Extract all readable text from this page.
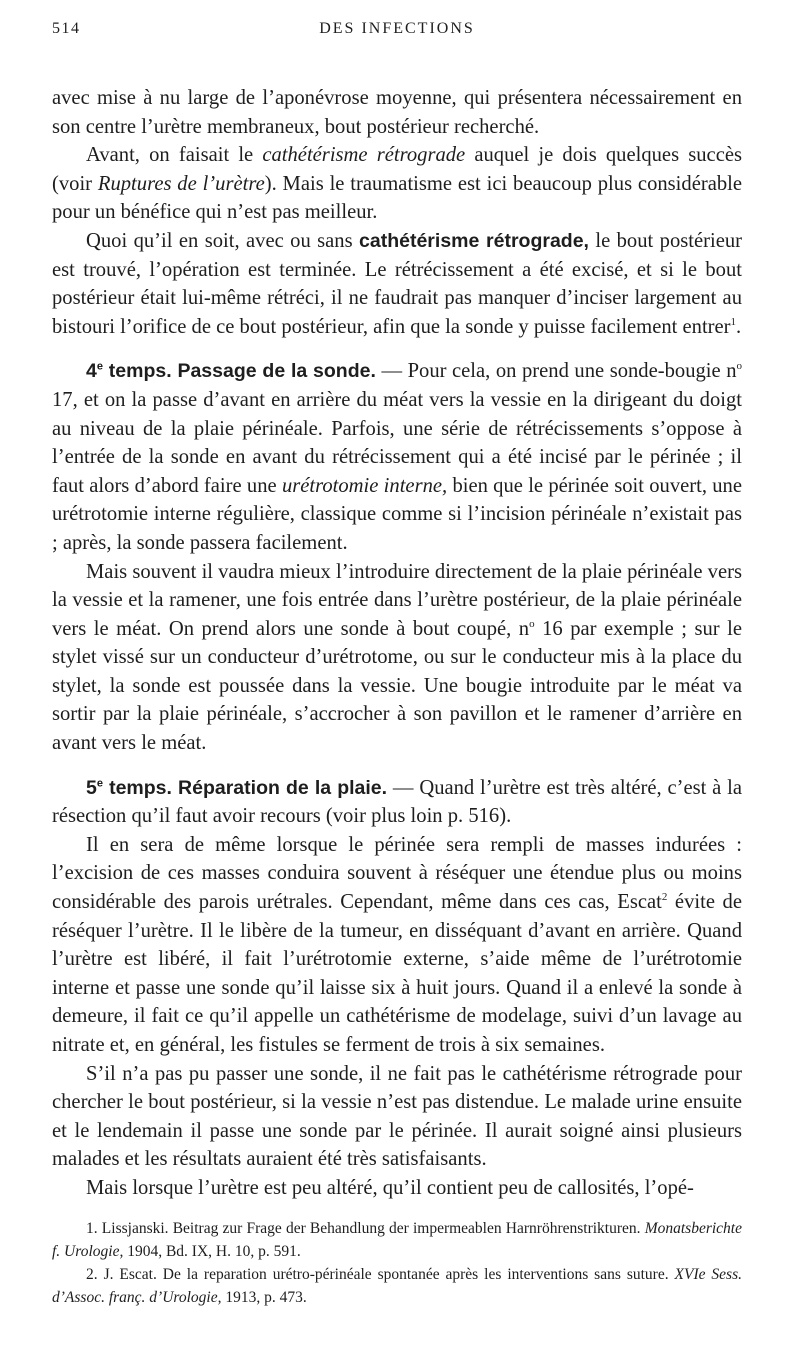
514	DES INFECTIONS

avec mise à nu large de l’aponévrose moyenne, qui présentera nécessairement en son centre l’urètre membraneux, bout postérieur recherché.

Avant, on faisait le cathétérisme rétrograde auquel je dois quelques succès (voir Ruptures de l’urètre). Mais le traumatisme est ici beaucoup plus considérable pour un bénéfice qui n’est pas meilleur.

Quoi qu’il en soit, avec ou sans cathétérisme rétrograde, le bout postérieur est trouvé, l’opération est terminée. Le rétrécissement a été excisé, et si le bout postérieur était lui-même rétréci, il ne faudrait pas manquer d’inciser largement au bistouri l’orifice de ce bout postérieur, afin que la sonde y puisse facilement entrer$^1$.

4e temps. Passage de la sonde. — Pour cela, on prend une sonde-bougie $n^o$ 17, et on la passe d’avant en arrière du méat vers la vessie en la dirigeant du doigt au niveau de la plaie périnéale. Parfois, une série de rétrécissements s’oppose à l’entrée de la sonde en avant du rétrécissement qui a été incisé par le périnée ; il faut alors d’abord faire une urétrotomie interne, bien que le périnée soit ouvert, une urétrotomie interne régulière, classique comme si l’incision périnéale n’existait pas ; après, la sonde passera facilement.

Mais souvent il vaudra mieux l’introduire directement de la plaie périnéale vers la vessie et la ramener, une fois entrée dans l’urètre postérieur, de la plaie périnéale vers le méat. On prend alors une sonde à bout coupé, $n^o$ 16 par exemple ; sur le stylet vissé sur un conducteur d’urétrotome, ou sur le conducteur mis à la place du stylet, la sonde est poussée dans la vessie. Une bougie introduite par le méat va sortir par la plaie périnéale, s’accrocher à son pavillon et le ramener d’arrière en avant vers le méat.

5e temps. Réparation de la plaie. — Quand l’urètre est très altéré, c’est à la résection qu’il faut avoir recours (voir plus loin p. 516).

Il en sera de même lorsque le périnée sera rempli de masses indurées : l’excision de ces masses conduira souvent à réséquer une étendue plus ou moins considérable des parois urétrales. Cependant, même dans ces cas, Escat$^2$ évite de réséquer l’urètre. Il le libère de la tumeur, en disséquant d’avant en arrière. Quand l’urètre est libéré, il fait l’urétrotomie externe, s’aide même de l’urétrotomie interne et passe une sonde qu’il laisse six à huit jours. Quand il a enlevé la sonde à demeure, il fait ce qu’il appelle un cathétérisme de modelage, suivi d’un lavage au nitrate et, en général, les fistules se ferment de trois à six semaines.

S’il n’a pas pu passer une sonde, il ne fait pas le cathétérisme rétrograde pour chercher le bout postérieur, si la vessie n’est pas distendue. Le malade urine ensuite et le lendemain il passe une sonde par le périnée. Il aurait soigné ainsi plusieurs malades et les résultats auraient été très satisfaisants.

Mais lorsque l’urètre est peu altéré, qu’il contient peu de callosités, l’opé-

1. Lissjanski. Beitrag zur Frage der Behandlung der impermeablen Harnröhrenstrikturen. Monatsberichte f. Urologie, 1904, Bd. IX, H. 10, p. 591.

2. J. Escat. De la reparation urétro-périnéale spontanée après les interventions sans suture. XVIe Sess. d’Assoc. franç. d’Urologie, 1913, p. 473.
